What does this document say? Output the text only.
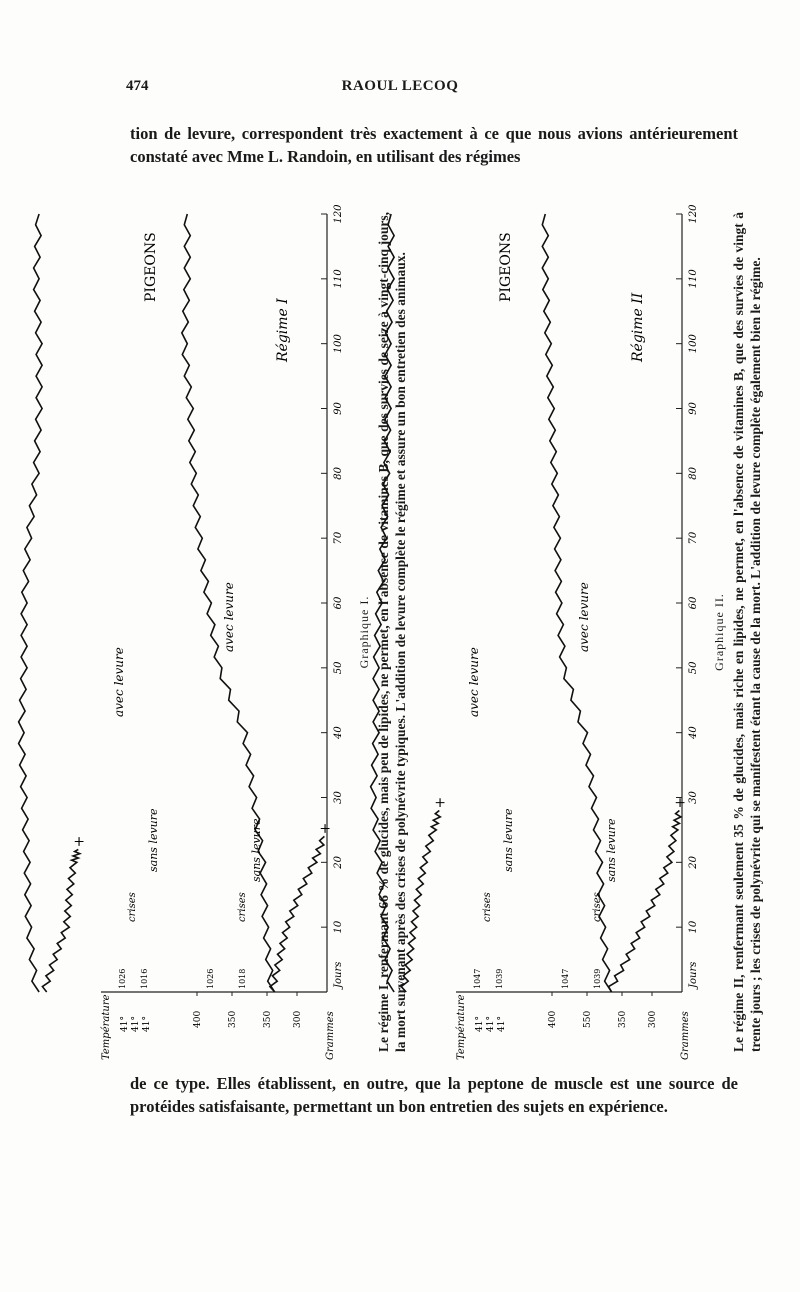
474	RAOUL LECOQ
tion de levure, correspondent très exactement à ce que nous avions antérieurement constaté avec Mme L. Randoin, en utilisant des régimes
10
20
30
40
50
60
70
80
90
100
110
120
Jours
Température 41° 41° 41°	400	350	350 300 Grammes
1026 1016	1026	1018
+
+
avec levure
sans levure
crises
avec levure
sans levure
crises
PIGEONS
Régime I
Graphique I. Le régime I, renfermant 66 % de glucides, mais peu de lipides, ne permet, en l'absence de vitamines B, que des survies de seize à vingt-cinq jours, la mort survenant après des crises de polynévrite typiques. L'addition de levure complète le régime et assure un bon entretien des animaux.	10
20
30
40
50
60
70
80
90
100
110
120
Jours
Température 41° 41° 41°	400	550	350 300 Grammes
1047 1039	1047	1039
+	+
avec levure
sans levure
crises
avec levure
sans levure
crises
PIGEONS
Régime II
Graphique II. Le régime II, renfermant seulement 35 % de glucides, mais riche en lipides, ne permet, en l'absence de vitamines B, que des survies de vingt à trente jours ; les crises de polynévrite qui se manifestent étant la cause de la mort. L'addition de levure complète également bien le régime.
de ce type. Elles établissent, en outre, que la peptone de muscle est une source de protéides satisfaisante, permettant un bon entretien des sujets en expérience.
